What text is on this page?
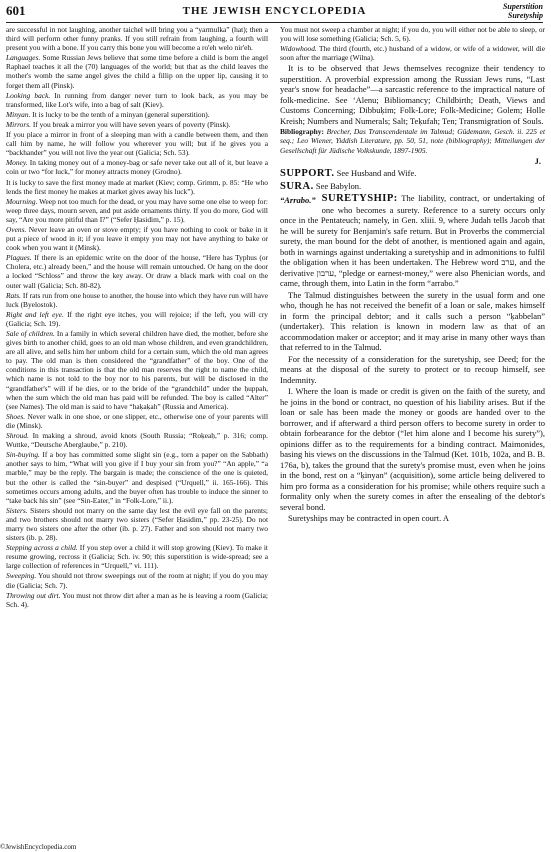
601	THE JEWISH ENCYCLOPEDIA	Superstition
Suretyship

are successful in not laughing, another taichel will bring you a “yarmulka” (hat); then a third will perform other funny pranks. If you still refrain from laughing, a fourth will present you with a bone. If you carry this bone you will become a ro'eh welo nir'eh.

Languages. Some Russian Jews believe that some time before a child is born the angel Raphael teaches it all the (70) languages of the world; but that as the child leaves the mother's womb the same angel gives the child a fillip on the upper lip, causing it to forget them all (Pinsk).

Looking back. In running from danger never turn to look back, as you may be transformed, like Lot's wife, into a bag of salt (Kiev).

Minyan. It is lucky to be the tenth of a minyan (general superstition).

Mirrors. If you break a mirror you will have seven years of poverty (Pinsk).

If you place a mirror in front of a sleeping man with a candle between them, and then call him by name, he will follow you wherever you will; but if he gives you a “backhander” you will not live the year out (Galicia; Sch. 53).

Money. In taking money out of a money-bag or safe never take out all of it, but leave a coin or two “for luck,” for money attracts money (Grodno).

It is lucky to save the first money made at market (Kiev; comp. Grimm, p. 85: “He who lends the first money he makes at market gives away his luck”).

Mourning. Weep not too much for the dead, or you may have some one else to weep for: weep three days, mourn seven, and put aside ornaments thirty. If you do more, God will say, “Are you more pitiful than I?” (“Sefer Ḥasidim,” p. 15).

Ovens. Never leave an oven or stove empty; if you have nothing to cook or bake in it put a piece of wood in it; if you leave it empty you may not have anything to bake or cook when you want it (Minsk).

Plagues. If there is an epidemic write on the door of the house, “Here has Typhus (or Cholera, etc.) already been,” and the house will remain untouched. Or hang on the door a locked “Schloss” and throw the key away. Or draw a black mark with coal on the outer wall (Galicia; Sch. 80-82).

Rats. If rats run from one house to another, the house into which they have run will have luck (Byelostok).

Right and left eye. If the right eye itches, you will rejoice; if the left, you will cry (Galicia; Sch. 19).

Sale of children. In a family in which several children have died, the mother, before she gives birth to another child, goes to an old man whose children, and even grandchildren, are all alive, and sells him her unborn child for a certain sum, which the old man agrees to pay. The old man is then considered the “grandfather” of the boy. One of the conditions in this transaction is that the old man reserves the right to name the child, which name is not told to the boy nor to his parents, but will be disclosed in the “grandfather's” will if he dies, or to the bride of the “grandchild” under the ḥuppah, when the sum which the old man has paid will be refunded. The boy is called “Alter” (see Names). The old man is said to have “haḳaḳah” (Russia and America).

Shoes. Never walk in one shoe, or one slipper, etc., otherwise one of your parents will die (Minsk).

Shroud. In making a shroud, avoid knots (South Russia; “Roḳeaḥ,” p. 316; comp. Wuttke, “Deutsche Aberglaube,” p. 210).

Sin-buying. If a boy has committed some slight sin (e.g., torn a paper on the Sabbath) another says to him, “What will you give if I buy your sin from you?” “An apple,” “a marble,” may be the reply. The bargain is made; the conscience of the one is quieted, but the other is called the “sin-buyer” and despised (“Urquell,” ii. 165-166). This sometimes occurs among adults, and the buyer often has trouble to induce the sinner to “take back his sin” (see “Sin-Eater,” in “Folk-Lore,” ii.).

Sisters. Sisters should not marry on the same day lest the evil eye fall on the parents; and two brothers should not marry two sisters (“Sefer Ḥasidim,” pp. 23-25). Do not marry two sisters one after the other (ib. p. 27). Father and son should not marry two sisters (ib. p. 28).

Stepping across a child. If you step over a child it will stop growing (Kiev). To make it resume growing, recross it (Galicia; Sch. iv. 90; this superstition is wide-spread; see a large collection of references in “Urquell,” vi. 111).

Sweeping. You should not throw sweepings out of the room at night; if you do you may die (Galicia; Sch. 7).

Throwing out dirt. You must not throw dirt after a man as he is leaving a room (Galicia; Sch. 4).

You must not sweep a chamber at night; if you do, you will either not be able to sleep, or you will lose something (Galicia; Sch. 5, 6).

Widowhood. The third (fourth, etc.) husband of a widow, or wife of a widower, will die soon after the marriage (Wilna).

It is to be observed that Jews themselves recognize their tendency to superstition. A proverbial expression among the Russian Jews runs, “Last year's snow for headache”—a sarcastic reference to the impractical nature of folk-medicine. See ‘Alenu; Bibliomancy; Childbirth; Death, Views and Customs Concerning; Dibbuḳim; Folk-Lore; Folk-Medicine; Golem; Holle Kreish; Numbers and Numerals; Salt; Teḳufah; Ten; Transmigration of Souls.

Bibliography: Brecher, Das Transcendentale im Talmud; Güdemann, Gesch. ii. 225 et seq.; Leo Wiener, Yiddish Literature, pp. 50, 51, note (bibliography); Mitteilungen der Gesellschaft für Jüdische Volkskunde, 1897-1905.

J.

SUPPORT. See Husband and Wife.

SURA. See Babylon.

“Arrabo.” SURETYSHIP: The liability, contract, or undertaking of one who becomes a surety. Reference to a surety occurs only once in the Pentateuch; namely, in Gen. xliii. 9, where Judah tells Jacob that he will be surety for Benjamin's safe return. But in Proverbs the commercial surety, the man bound for the debt of another, is mentioned again and again, both in warnings against undertaking a suretyship and in admonitions to fulfil the obligation when it has been undertaken. The Hebrew word ערב, and the derivative ערבון, “pledge or earnest-money,” were also Phenician words, and came, through them, into Latin in the form “arrabo.”

The Talmud distinguishes between the surety in the usual form and one who, though he has not received the benefit of a loan or sale, makes himself in form the principal debtor; and it calls such a person “ḳabbelan” (undertaker). This relation is known in modern law as that of an accommodation maker or acceptor; and it may arise in many other ways than that referred to in the Talmud.

For the necessity of a consideration for the suretyship, see Deed; for the means at the disposal of the surety to protect or to recoup himself, see Indemnity.

I. Where the loan is made or credit is given on the faith of the surety, and he joins in the bond or contract, no question of his liability arises. But if the loan or sale has been made the money or goods are handed over to the borrower, and if afterward a third person offers to become surety in order to obtain forbearance for the debtor (“let him alone and I become his surety”), opinions differ as to the requirements for a binding contract. Maimonides, basing his views on the discussions in the Talmud (Ket. 101b, 102a, and B. B. 176a, b), takes the ground that the surety's promise must, even when he joins in the bond, rest on a “ḳinyan” (acquisition), some article being delivered to him pro forma as a consideration for his promise; while others require such a formality only when the surety comes in after the ensealing of the debtor's several bond.

Suretyships may be contracted in open court. A

©JewishEncyclopedia.com
